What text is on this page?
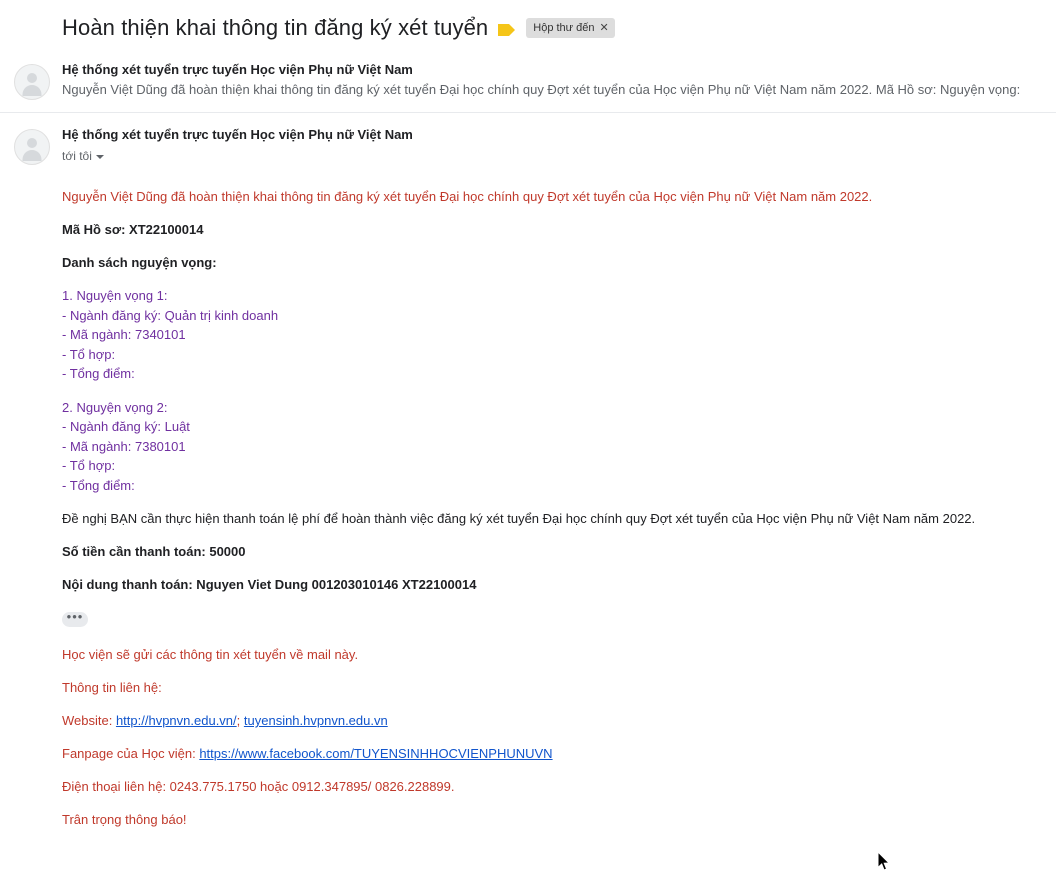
Hoàn thiện khai thông tin đăng ký xét tuyển	Hộp thư đến ✕
Hệ thống xét tuyển trực tuyến Học viện Phụ nữ Việt Nam
Nguyễn Việt Dũng đã hoàn thiện khai thông tin đăng ký xét tuyển Đại học chính quy Đợt xét tuyển của Học viện Phụ nữ Việt Nam năm 2022. Mã Hồ sơ: Nguyện vọng:
Hệ thống xét tuyển trực tuyến Học viện Phụ nữ Việt Nam
tới tôi

Nguyễn Việt Dũng đã hoàn thiện khai thông tin đăng ký xét tuyển Đại học chính quy Đợt xét tuyển của Học viện Phụ nữ Việt Nam năm 2022.

Mã Hồ sơ: XT22100014

Danh sách nguyện vọng:

1. Nguyện vọng 1:
- Ngành đăng ký: Quản trị kinh doanh
- Mã ngành: 7340101
- Tổ hợp:
- Tổng điểm:
2. Nguyện vọng 2:
- Ngành đăng ký: Luật
- Mã ngành: 7380101
- Tổ hợp:
- Tổng điểm:

Đề nghị BẠN cần thực hiện thanh toán lệ phí để hoàn thành việc đăng ký xét tuyển Đại học chính quy Đợt xét tuyển của Học viện Phụ nữ Việt Nam năm 2022.

Số tiền cần thanh toán: 50000

Nội dung thanh toán: Nguyen Viet Dung 001203010146 XT22100014

•••

Học viện sẽ gửi các thông tin xét tuyển về mail này.

Thông tin liên hệ:

Website: http://hvpnvn.edu.vn/; tuyensinh.hvpnvn.edu.vn

Fanpage của Học viện: https://www.facebook.com/TUYENSINHHOCVIENPHUNUVN

Điện thoại liên hệ: 0243.775.1750 hoặc 0912.347895/ 0826.228899.

Trân trọng thông báo!
